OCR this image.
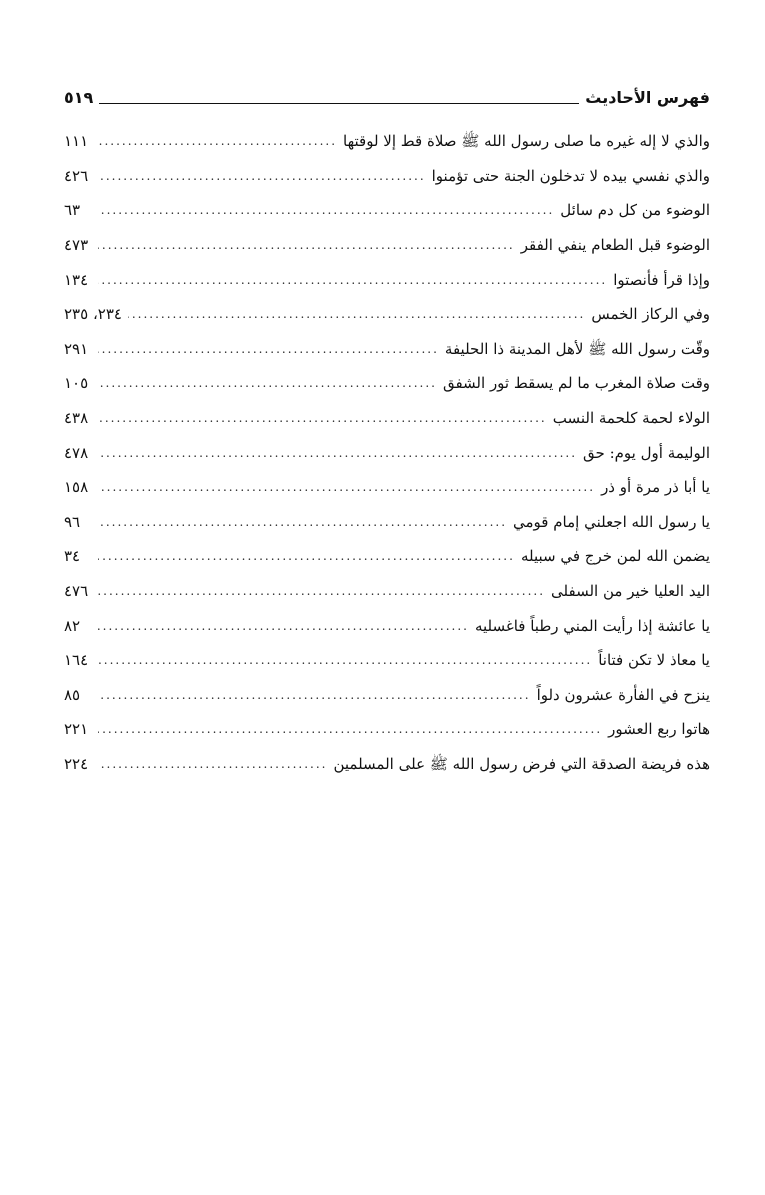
فهرس الأحاديث
٥١٩
والذي لا إله غيره ما صلى رسول الله ﷺ صلاة قط إلا لوقتها
.....
١١١
والذي نفسي بيده لا تدخلون الجنة حتى تؤمنوا
.....
٤٢٦
الوضوء من كل دم سائل
.....
٦٣
الوضوء قبل الطعام ينفي الفقر
.....
٤٧٣
وإذا قرأ فأنصتوا
.....
١٣٤
وفي الركاز الخمس
.....
٢٣٤، ٢٣٥
وقّت رسول الله ﷺ لأهل المدينة ذا الحليفة
.....
٢٩١
وقت صلاة المغرب ما لم يسقط ثور الشفق
.....
١٠٥
الولاء لحمة كلحمة النسب
.....
٤٣٨
الوليمة أول يوم: حق
.....
٤٧٨
يا أبا ذر مرة أو ذر
.....
١٥٨
يا رسول الله اجعلني إمام قومي
.....
٩٦
يضمن الله لمن خرج في سبيله
.....
٣٤
اليد العليا خير من السفلى
.....
٤٧٦
يا عائشة إذا رأيت المني رطباً فاغسليه
.....
٨٢
يا معاذ لا تكن فتاناً
.....
١٦٤
ينزح في الفأرة عشرون دلواً
.....
٨٥
هاتوا ربع العشور
.....
٢٢١
هذه فريضة الصدقة التي فرض رسول الله ﷺ على المسلمين
.....
٢٢٤
